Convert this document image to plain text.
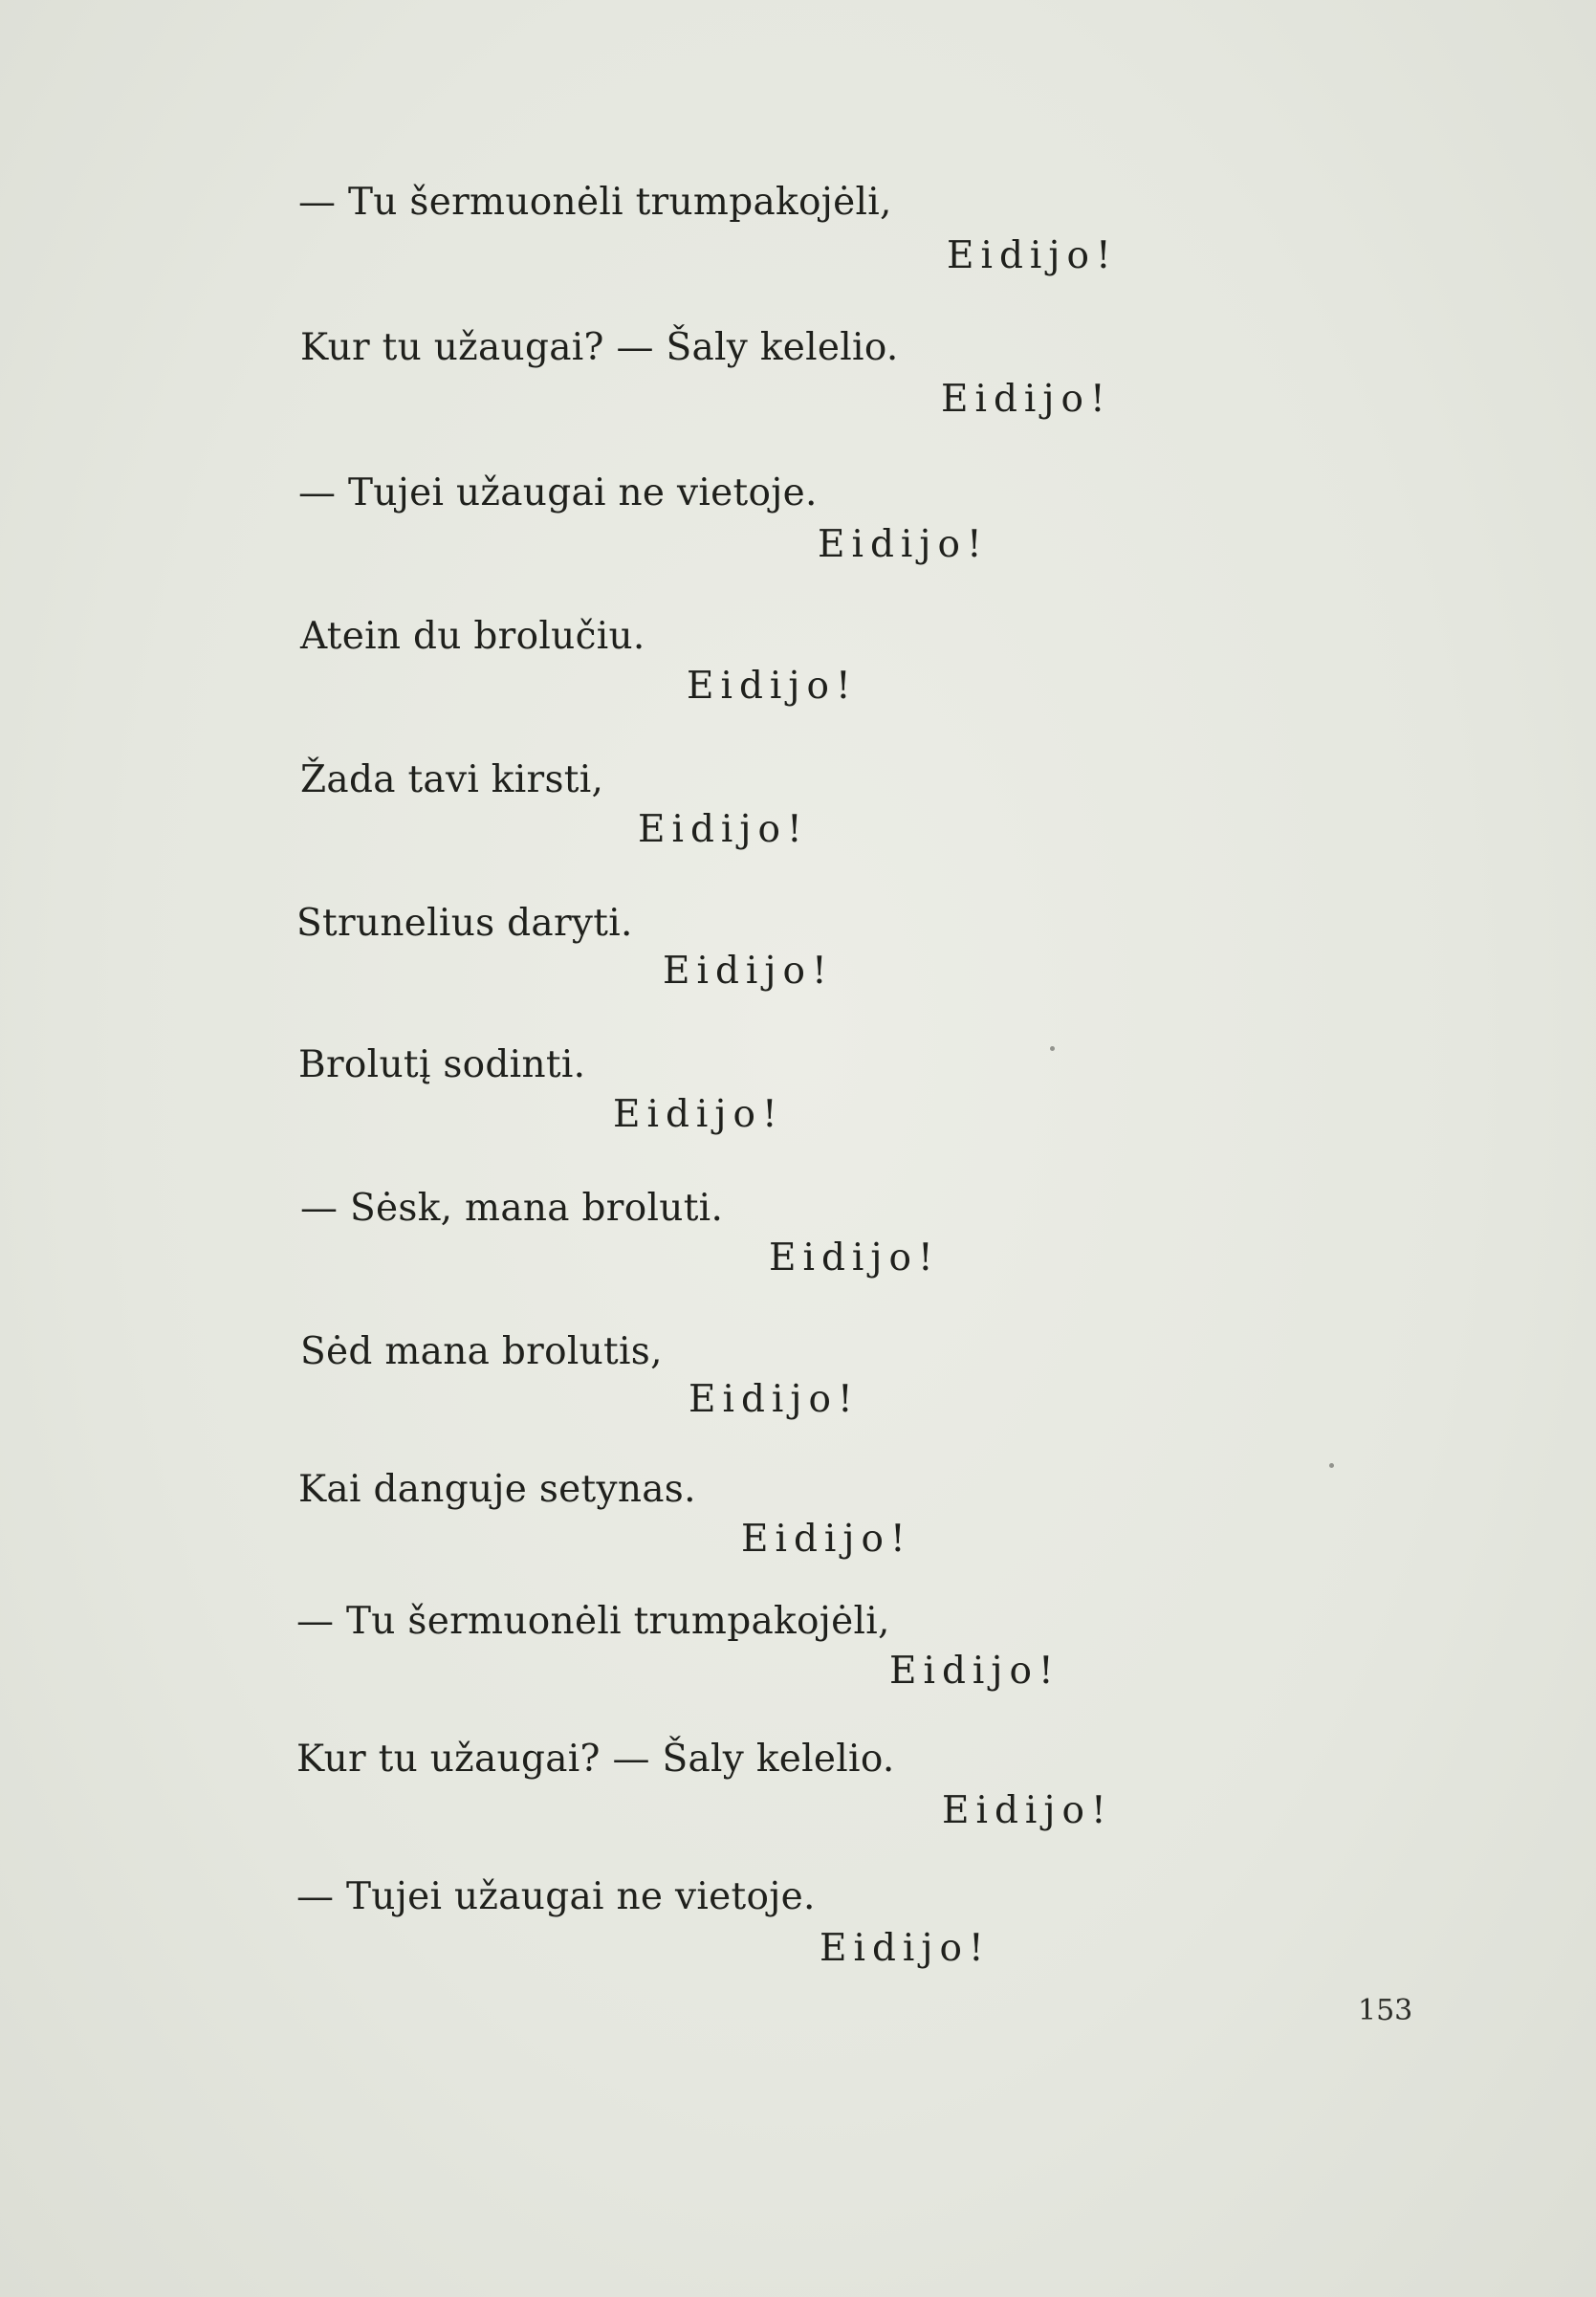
— Tu šermuonėli trumpakojėli,

Eidijo!

Kur tu užaugai? — Šaly kelelio.

Eidijo!

— Tujei užaugai ne vietoje.

Eidijo!

Atein du brolučiu.

Eidijo!

Žada tavi kirsti,

Eidijo!

Strunelius daryti.

Eidijo!

Brolutį sodinti.

Eidijo!

— Sėsk, mana broluti.

Eidijo!

Sėd mana brolutis,

Eidijo!

Kai danguje setynas.

Eidijo!

— Tu šermuonėli trumpakojėli,

Eidijo!

Kur tu užaugai? — Šaly kelelio.

Eidijo!

— Tujei užaugai ne vietoje.

Eidijo!

153
